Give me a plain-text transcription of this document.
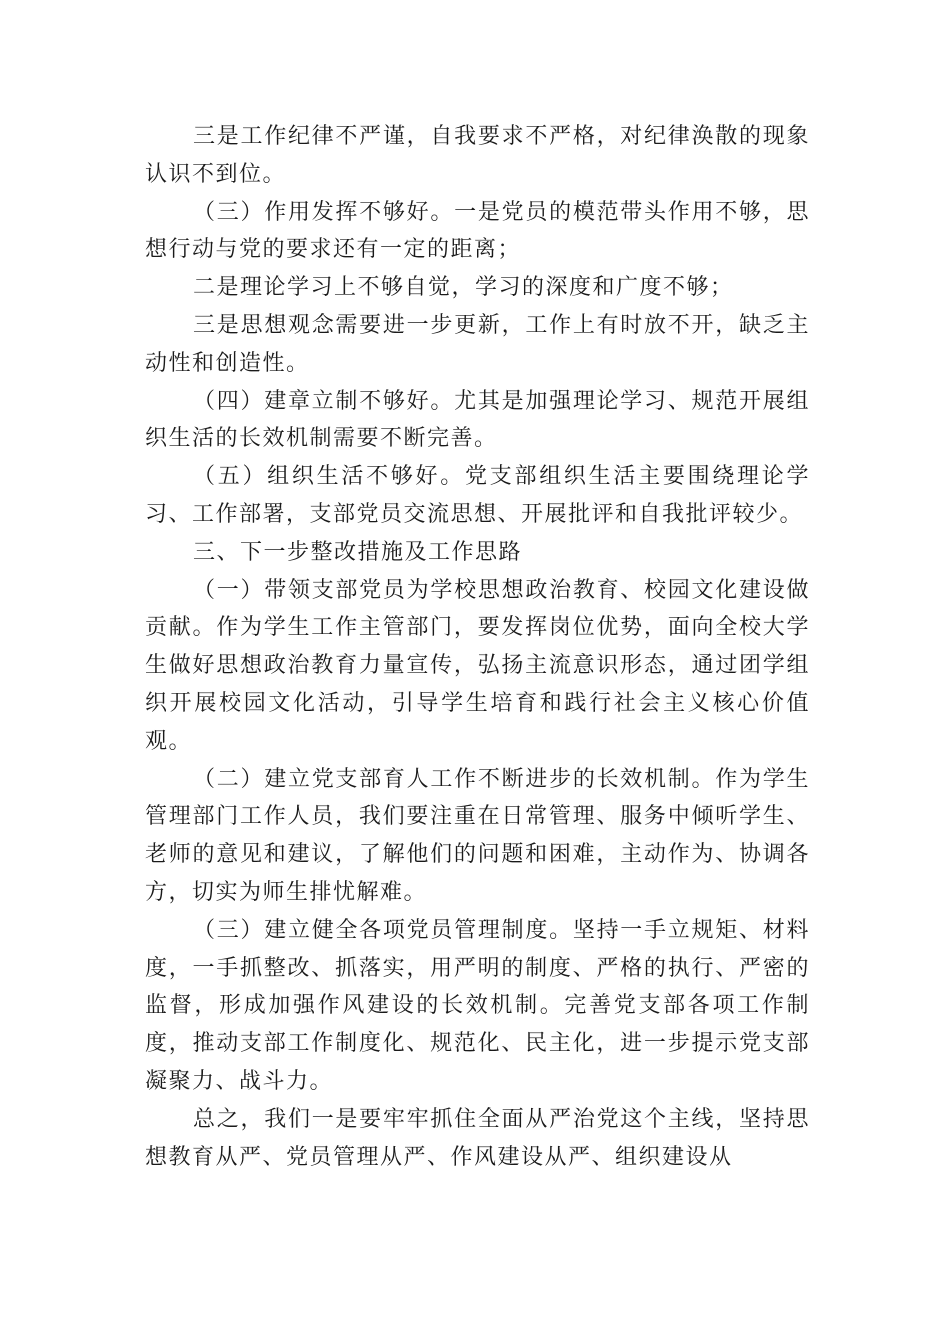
三是工作纪律不严谨，自我要求不严格，对纪律涣散的现象认识不到位。

（三）作用发挥不够好。一是党员的模范带头作用不够，思想行动与党的要求还有一定的距离；

二是理论学习上不够自觉，学习的深度和广度不够；

三是思想观念需要进一步更新，工作上有时放不开，缺乏主动性和创造性。

（四）建章立制不够好。尤其是加强理论学习、规范开展组织生活的长效机制需要不断完善。

（五）组织生活不够好。党支部组织生活主要围绕理论学习、工作部署，支部党员交流思想、开展批评和自我批评较少。

三、下一步整改措施及工作思路

（一）带领支部党员为学校思想政治教育、校园文化建设做贡献。作为学生工作主管部门，要发挥岗位优势，面向全校大学生做好思想政治教育力量宣传，弘扬主流意识形态，通过团学组织开展校园文化活动，引导学生培育和践行社会主义核心价值观。

（二）建立党支部育人工作不断进步的长效机制。作为学生管理部门工作人员，我们要注重在日常管理、服务中倾听学生、老师的意见和建议，了解他们的问题和困难，主动作为、协调各方，切实为师生排忧解难。

（三）建立健全各项党员管理制度。坚持一手立规矩、材料度，一手抓整改、抓落实，用严明的制度、严格的执行、严密的监督，形成加强作风建设的长效机制。完善党支部各项工作制度，推动支部工作制度化、规范化、民主化，进一步提示党支部凝聚力、战斗力。

总之，我们一是要牢牢抓住全面从严治党这个主线，坚持思想教育从严、党员管理从严、作风建设从严、组织建设从
